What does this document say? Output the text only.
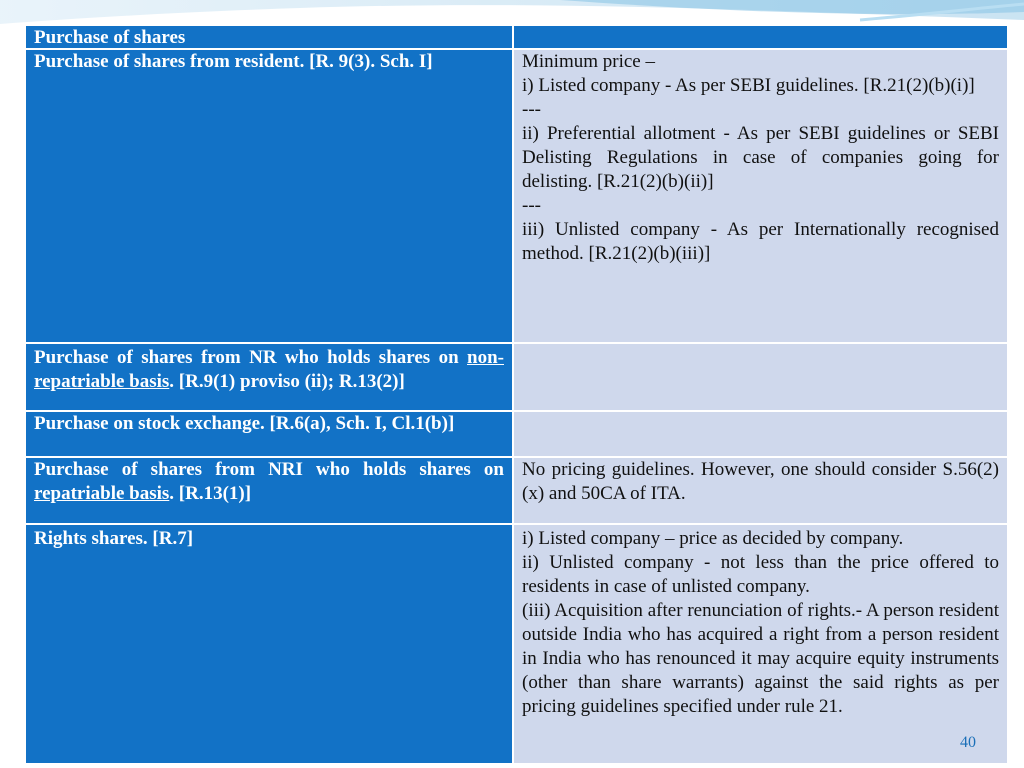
Purchase of shares
Purchase of shares from resident. [R. 9(3). Sch. I]	Minimum price –
i) Listed company - As per SEBI guidelines. [R.21(2)(b)(i)]
---
ii) Preferential allotment - As per SEBI guidelines or SEBI Delisting Regulations in case of companies going for delisting. [R.21(2)(b)(ii)]
---
iii) Unlisted company - As per Internationally recognised method. [R.21(2)(b)(iii)]
Purchase of shares from NR who holds shares on non-repatriable basis. [R.9(1) proviso (ii); R.13(2)]
Purchase on stock exchange. [R.6(a), Sch. I, Cl.1(b)]
Purchase of shares from NRI who holds shares on repatriable basis. [R.13(1)]
No pricing guidelines. However, one should consider S.56(2)(x) and 50CA of ITA.
Rights shares. [R.7]	i) Listed company – price as decided by company.
ii) Unlisted company - not less than the price offered to residents in case of unlisted company.
(iii) Acquisition after renunciation of rights.- A person resident outside India who has acquired a right from a person resident in India who has renounced it may acquire equity instruments (other than share warrants) against the said rights as per pricing guidelines specified under rule 21.
40
